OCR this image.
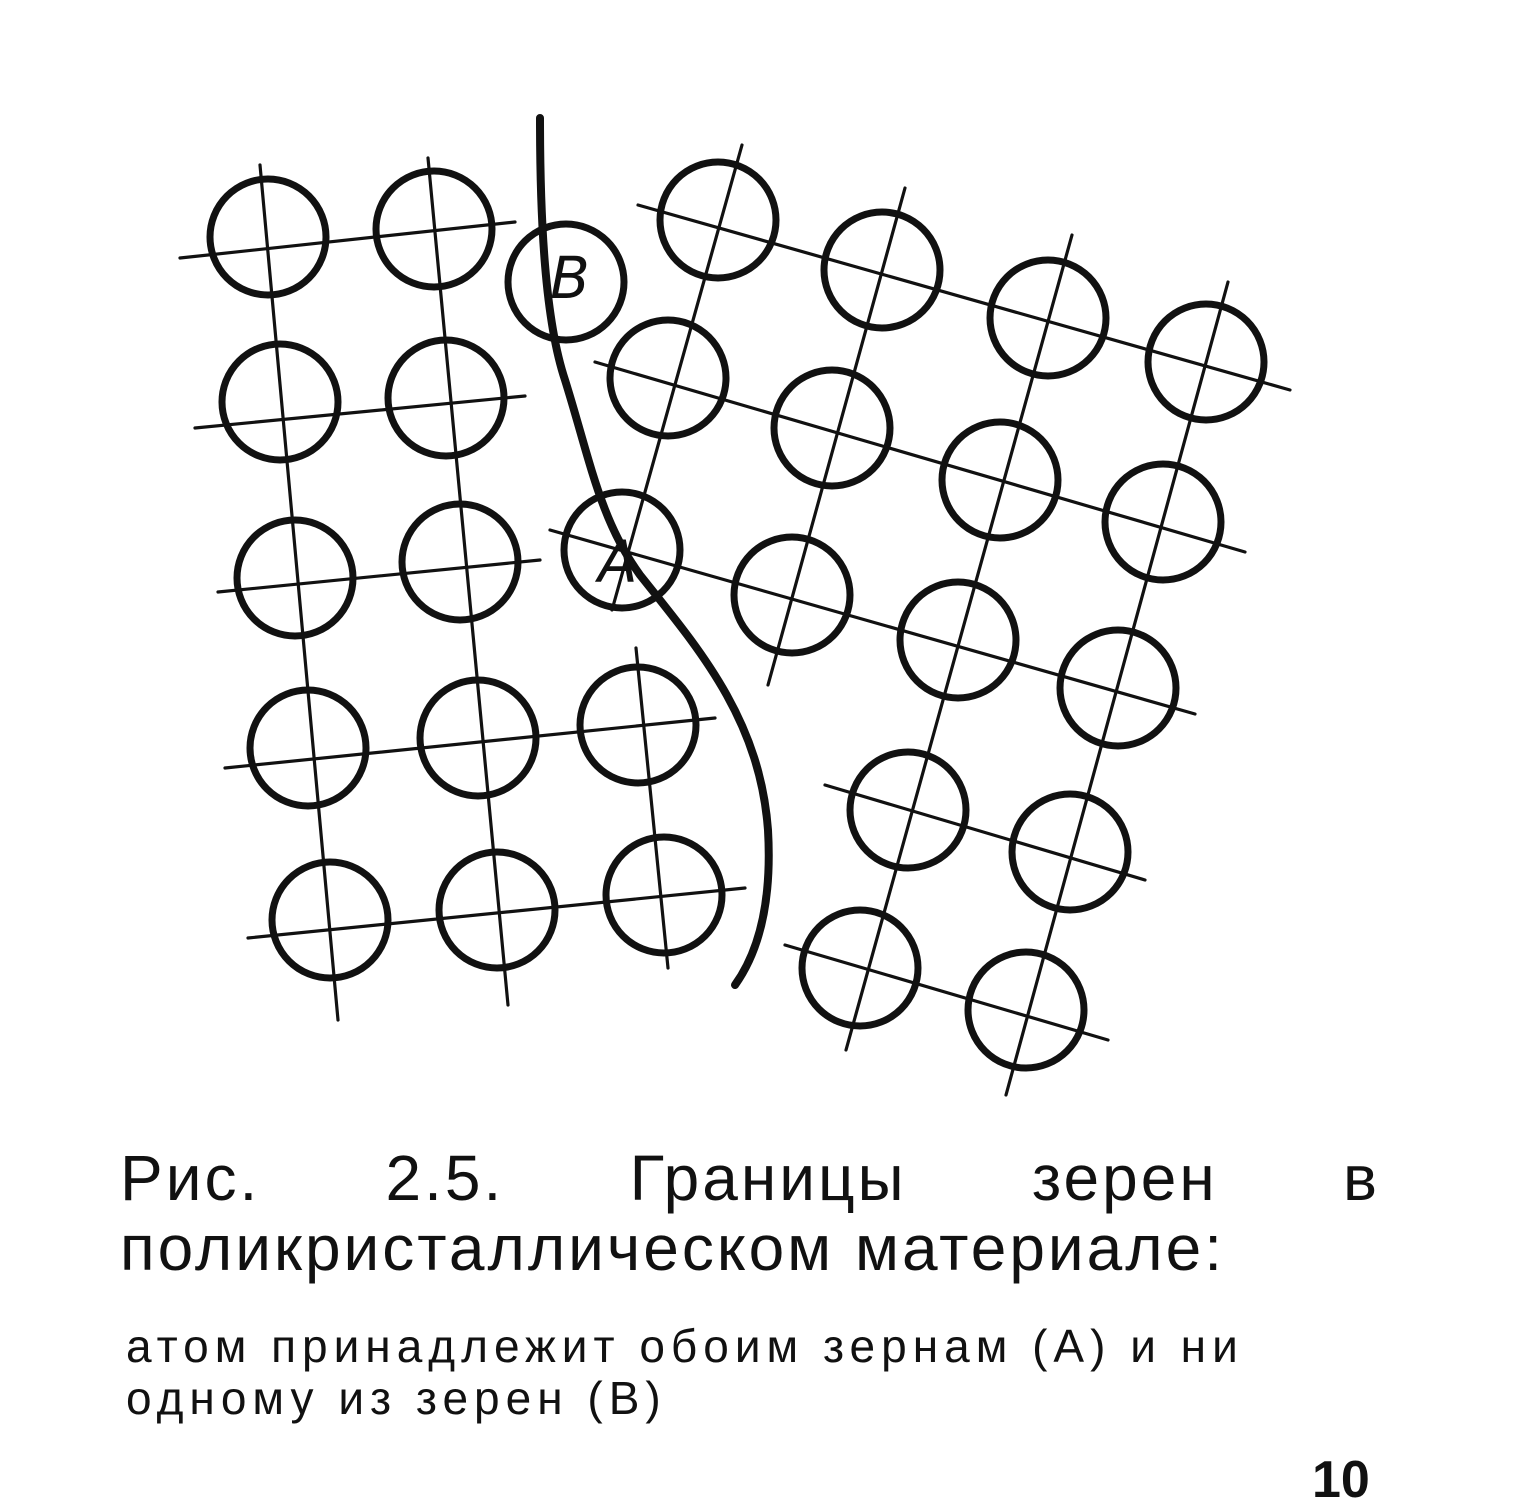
B
A
Рис. 2.5. Границы зерен в поликристаллическом материале:
атом принадлежит обоим зернам (А) и ни одному из зерен (В)
10
